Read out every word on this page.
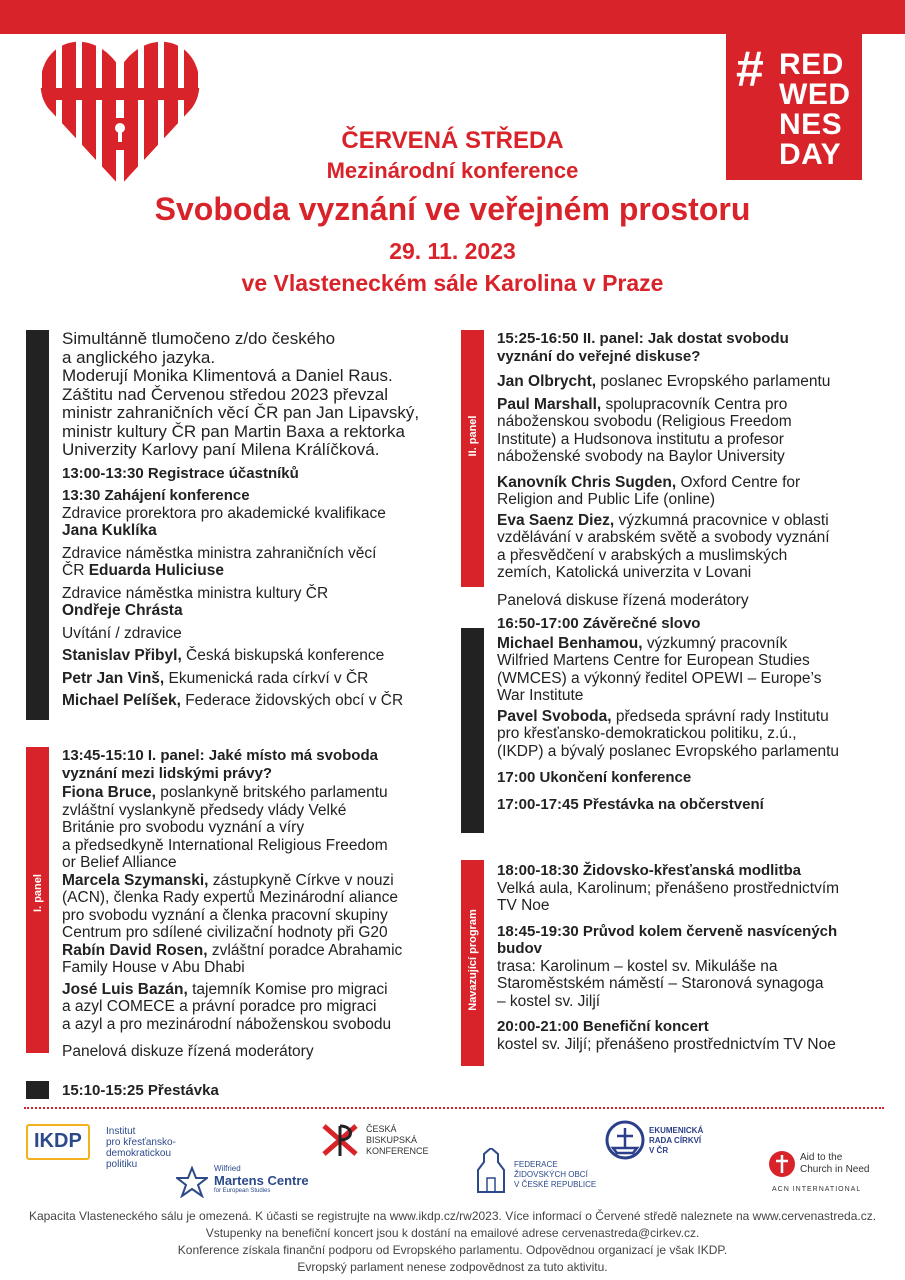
# RED
WED
NES
DAY
ČERVENÁ STŘEDA
Mezinárodní konference
Svoboda vyznání ve veřejném prostoru
29. 11. 2023
ve Vlasteneckém sále Karolina v Praze
I. panel
II. panel
Navazující program

Simultánně tlumočeno z/do českého

a anglického jazyka.

Moderují Monika Klimentová a Daniel Raus.

Záštitu nad Červenou středou 2023 převzal

ministr zahraničních věcí ČR pan Jan Lipavský,

ministr kultury ČR pan Martin Baxa a rektorka

Univerzity Karlovy paní Milena Králíčková.

13:00-13:30 Registrace účastníků

13:30 Zahájení konference

Zdravice prorektora pro akademické kvalifikace

Jana Kuklíka

Zdravice náměstka ministra zahraničních věcí

ČR Eduarda Huliciuse

Zdravice náměstka ministra kultury ČR

Ondřeje Chrásta

Uvítání / zdravice

Stanislav Přibyl, Česká biskupská konference

Petr Jan Vinš, Ekumenická rada církví v ČR

Michael Pelíšek, Federace židovských obcí v ČR

13:45-15:10 I. panel: Jaké místo má svoboda

vyznání mezi lidskými právy?

Fiona Bruce, poslankyně britského parlamentu

zvláštní vyslankyně předsedy vlády Velké

Británie pro svobodu vyznání a víry

a předsedkyně International Religious Freedom

or Belief Alliance

Marcela Szymanski, zástupkyně Církve v nouzi

(ACN), členka Rady expertů Mezinárodní aliance

pro svobodu vyznání a členka pracovní skupiny

Centrum pro sdílené civilizační hodnoty při G20

Rabín David Rosen, zvláštní poradce Abrahamic

Family House v Abu Dhabi

José Luis Bazán, tajemník Komise pro migraci

a azyl COMECE a právní poradce pro migraci

a azyl a pro mezinárodní náboženskou svobodu

Panelová diskuze řízená moderátory

15:10-15:25 Přestávka

15:25-16:50 II. panel: Jak dostat svobodu

vyznání do veřejné diskuse?

Jan Olbrycht, poslanec Evropského parlamentu

Paul Marshall, spolupracovník Centra pro

náboženskou svobodu (Religious Freedom

Institute) a Hudsonova institutu a profesor

náboženské svobody na Baylor University

Kanovník Chris Sugden, Oxford Centre for

Religion and Public Life (online)

Eva Saenz Diez, výzkumná pracovnice v oblasti

vzdělávání v arabském světě a svobody vyznání

a přesvědčení v arabských a muslimských

zemích, Katolická univerzita v Lovani

Panelová diskuse řízená moderátory

16:50-17:00 Závěrečné slovo

Michael Benhamou, výzkumný pracovník

Wilfried Martens Centre for European Studies

(WMCES) a výkonný ředitel OPEWI – Europe’s

War Institute

Pavel Svoboda, předseda správní rady Institutu

pro křesťansko-demokratickou politiku, z.ú.,

(IKDP) a bývalý poslanec Evropského parlamentu

17:00 Ukončení konference

17:00-17:45 Přestávka na občerstvení

18:00-18:30 Židovsko-křesťanská modlitba

Velká aula, Karolinum; přenášeno prostřednictvím

TV Noe

18:45-19:30 Průvod kolem červeně nasvícených

budov

trasa: Karolinum – kostel sv. Mikuláše na

Staroměstském náměstí – Staronová synagoga

– kostel sv. Jiljí

20:00-21:00 Benefiční koncert

kostel sv. Jiljí; přenášeno prostřednictvím TV Noe

IKDP Institut

pro křesťansko-demokratickou

politiku

ČESKÁ

BISKUPSKÁ

KONFERENCE

EKUMENICKÁ

RADA CÍRKVÍ

V ČR

Wilfried
Martens Centre
for European Studies

FEDERACE

ŽIDOVSKÝCH OBCÍ

V ČESKÉ REPUBLICE

Aid to the

Church in Need

ACN INTERNATIONAL

Kapacita Vlasteneckého sálu je omezená. K účasti se registrujte na www.ikdp.cz/rw2023. Více informací o Červené středě naleznete na www.cervenastreda.cz.

Vstupenky na benefiční koncert jsou k dostání na emailové adrese cervenastreda@cirkev.cz.

Konference získala finanční podporu od Evropského parlamentu. Odpovědnou organizací je však IKDP.

Evropský parlament nenese zodpovědnost za tuto aktivitu.
